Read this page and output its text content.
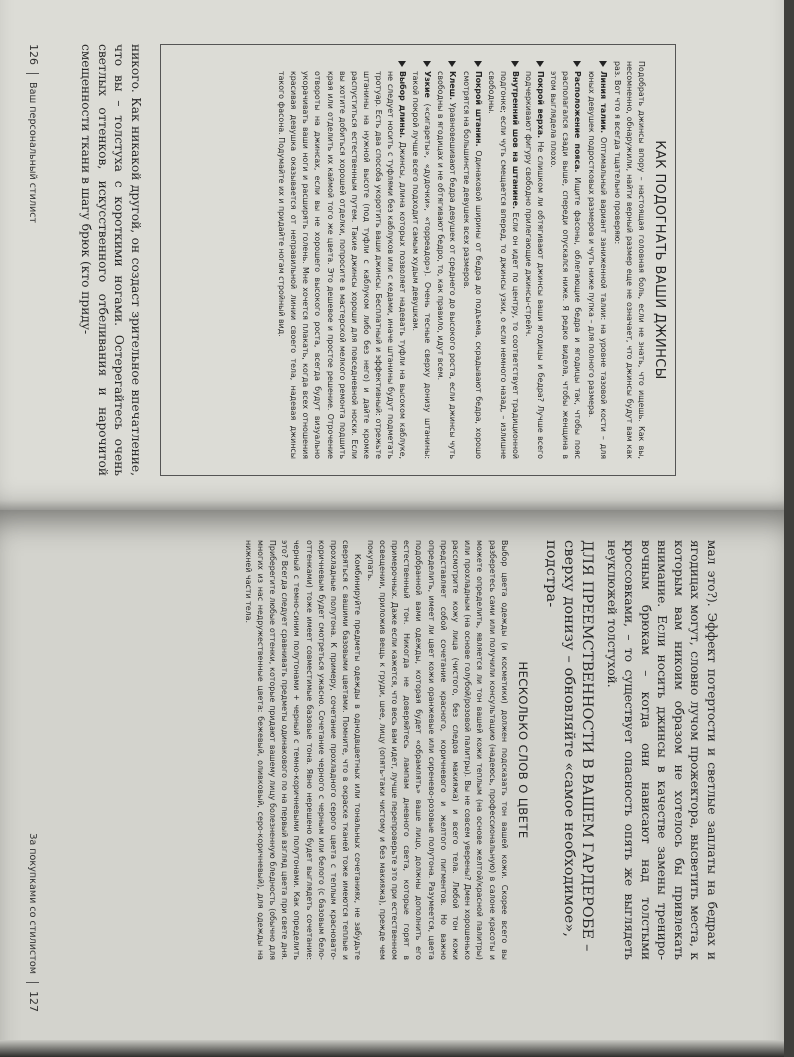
КАК ПОДОГНАТЬ ВАШИ ДЖИНСЫ

Подобрать джинсы впору – настоящая головная боль, если не знать, что ищешь. Как вы, несомненно, обнаружили, найти верный размер еще не означает, что джинсы будут вам как раз. Вот что я всегда тщательно проверяю:

Линия талии. Оптимальный вариант заниженной талии: на уровне тазовой кости – для юных девушек подростковых размеров и чуть ниже пупка – для полного размера.
Расположение пояса. Ищите фасоны, облегающие бедра и ягодицы так, чтобы пояс располагался сзади выше, спереди опускался ниже. Я редко видела, чтобы женщина в этом выглядела плохо.
Покрой верха. Не слишком ли обтягивают джинсы ваши ягодицы и бедра? Лучше всего подчеркивают фигуру свободно прилегающие джинсы-стрейч.
Внутренний шов на штанине. Если он идет по центру, то соответствует традиционной подгонке; если чуть смещается вперед, то джинсы узки, о если немного назад, – излишне свободны.
Покрой штанин. Одинаковой ширины от бедра до подъема, скрадывают бедра, хорошо смотрятся на большинстве девушек всех размеров.
Клеш. Уравновешивают бедра девушек от среднего до высокого роста, если джинсы чуть свободны в ягодицах и не обтягивают бедро, то, как правило, идут всем.
Узкие («сигареты», «дудочки», «торреадор»). Очень тесные сверху донизу штанины: такой покрой лучше всего подходит самым худым девушкам.
Выбор длины. Джинсы, длина которых позволяет надевать туфли на высоком каблуке, не следует носить с туфлями без каблуков или с кедами, иначе штанины будут подметать тротуар. Есть два способа укоротить ваши джинсы. Бесплатный и эффективный: отрежьте штанины на нужной высоте (под туфли с каблуком либо без него) и дайте кромке распуститься естественным путем. Такие джинсы хороши для повседневной носки. Если вы хотите добиться хорошей отделки, попросите в мастерской мелкого ремонта подшить края или отделить их каймой того же цвета. Это дешевое и простое решение. Отрочение отвороты на джинсах, если вы не хорошего высокого роста, всегда будут визуально укорачивать ваши ноги и расширять голень. Мне хочется плакать, когда всех отношения красивая девушка оказывается от неправильной линии своего тела, надевая джинсы такого фасона. Подумайте их и придайте ногам стройный вид.

никого. Как никакой другой, он создаст зрительное впечатление, что вы – толстуха с короткими ногами. Остерегайтесь очень светлых оттенков, искусственного отбеливания и нарочитой смещенности ткани в шагу брюк (кто приду-

126Ваш персональный стилист

мал это?). Эффект потертости и светлые заплаты на бедрах и ягодицах могут, словно лучом прожектора, высветить места, к которым вам никоим образом не хотелось бы привлекать внимание. Если носить джинсы в качестве замены тренировочным брюкам – когда они нависают над толстыми кроссовками, – то существует опасность опять же выглядеть неуклюжей толстухой.

ДЛЯ ПРЕЕМСТВЕННОСТИ В ВАШЕМ ГАРДЕРОБЕ – сверху донизу – обновляйте «самое необходимое», подстра-
НЕСКОЛЬКО СЛОВ О ЦВЕТЕ

Выбор цвета одежды (и косметики) должен подсказать тон вашей кожи. Скорее всего вы разберетесь сами или получили консультацию (надеюсь, профессиональную) в салоне красоты и можете определить, является ли тон вашей кожи теплым (на основе желтой/красной палитры) или прохладным (на основе голубой/розовой палитры). Вы не совсем уверены? Дмен хорошенько рассмотрите кожу лица (чистого, без следов макияжа) и всего тела. Любой тон кожи представляет собой сочетание красного, коричневого и желтого пигментов. Но важно определить, имеет ли цвет кожи оранжевые или сиренево-розовые полутона. Разумеется, цвета подобранной вами одежды, которая будет «обрамлять» ваше лицо, должны дополнить его естественный тон. Никогда не доверяйтесь лампам дневного света, которые горят в примерочных. Даже если кажется, что весь вам идет, лучше перепроверьте это при естественном освещении, приложив вещь к груди, шее, лицу (опять-таки чистому и без макияжа), прежде чем покупать.

Комбинируйте предметы одежды в однодвцветных или тональных сочетаниях, не забудьте сверяться с вашими базовыми цветами. Помните, что в окраске тканей тоже имеются теплые и прохладные полутона. К примеру, сочетание прохладного серого цвета с теплым красновато-коричневым будет смотреться ужасно. Сочетание черного с черным или белого (с базовым бело-оттенками) тоже имеет совместимые базовые тона. Явно нерешено будет выглядеть сочетание: черный с темно-синим полутонами + черный с темно-коричневыми полутонами. Как определить это? Всегда следует сравнивать предметы одинакового по на первый взгляд цвета при свете дня. Приберегите любые оттенки, которые придают вашему лицу болезненную бледность (обычно для многих из нас недружественные цвета: бежевый, оливковый, серо-коричневый), для одежды на нижней части тела.

За покупками со стилистом127
